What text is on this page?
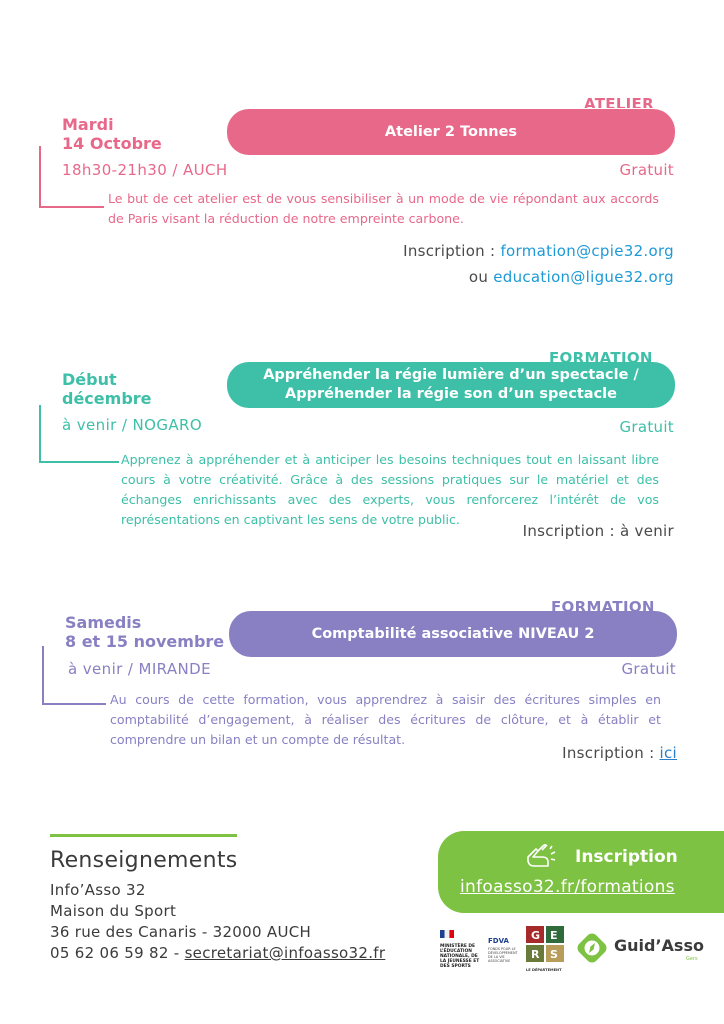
ATELIER
Mardi
14 Octobre
Atelier 2 Tonnes
18h30-21h30 / AUCH	Gratuit
Le but de cet atelier est de vous sensibiliser à un mode de vie répondant aux accords de Paris visant la réduction de notre empreinte carbone.
Inscription : formation@cpie32.org
ou education@ligue32.org
FORMATION
Début
décembre
Appréhender la régie lumière d’un spectacle /
Appréhender la régie son d’un spectacle
à venir / NOGARO	Gratuit
Apprenez à appréhender et à anticiper les besoins techniques tout en laissant libre cours à votre créativité. Grâce à des sessions pratiques sur le matériel et des échanges enrichissants avec des experts, vous renforcerez l’intérêt de vos représentations en captivant les sens de votre public.
Inscription : à venir
FORMATION
Samedis
8 et 15 novembre	Comptabilité associative NIVEAU 2
à venir / MIRANDE	Gratuit
Au cours de cette formation, vous apprendrez à saisir des écritures simples en comptabilité d’engagement, à réaliser des écritures de clôture, et à établir et comprendre un bilan et un compte de résultat.
Inscription : ici
Renseignements
Info’Asso 32
Maison du Sport
36 rue des Canaris - 32000 AUCH
05 62 06 59 82 - secretariat@infoasso32.fr
Inscription
infoasso32.fr/formations
MINISTÈRE DE L’ÉDUCATION NATIONALE, DE LA JEUNESSE ET DES SPORTS
FDVA
FONDS POUR LE DÉVELOPPEMENT DE LA VIE ASSOCIATIVE
G E
R S
LE DÉPARTEMENT
Guid’Asso
Gers
